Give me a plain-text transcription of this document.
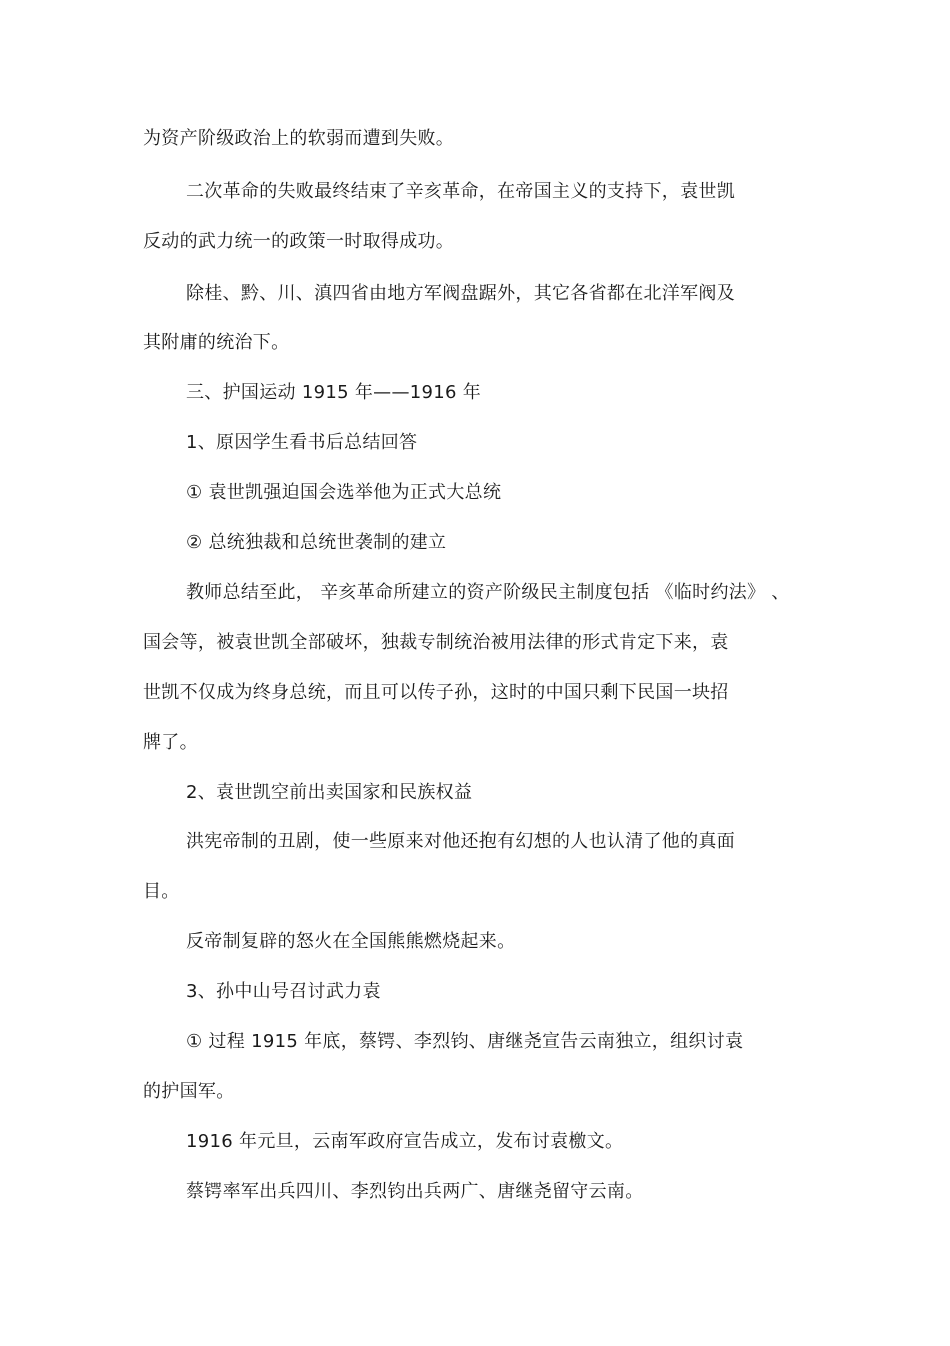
为资产阶级政治上的软弱而遭到失败。
二次革命的失败最终结束了辛亥革命，在帝国主义的支持下，袁世凯
反动的武力统一的政策一时取得成功。
除桂、黔、川、滇四省由地方军阀盘踞外，其它各省都在北洋军阀及
其附庸的统治下。
三、护国运动 1915 年——1916 年
1、原因学生看书后总结回答
① 袁世凯强迫国会选举他为正式大总统
② 总统独裁和总统世袭制的建立
教师总结至此， 辛亥革命所建立的资产阶级民主制度包括 《临时约法》 、
国会等，被袁世凯全部破坏，独裁专制统治被用法律的形式肯定下来，袁
世凯不仅成为终身总统，而且可以传子孙，这时的中国只剩下民国一块招
牌了。
2、袁世凯空前出卖国家和民族权益
洪宪帝制的丑剧，使一些原来对他还抱有幻想的人也认清了他的真面
目。
反帝制复辟的怒火在全国熊熊燃烧起来。
3、孙中山号召讨武力袁
① 过程 1915 年底，蔡锷、李烈钧、唐继尧宣告云南独立，组织讨袁
的护国军。
1916 年元旦，云南军政府宣告成立，发布讨袁檄文。
蔡锷率军出兵四川、李烈钧出兵两广、唐继尧留守云南。
